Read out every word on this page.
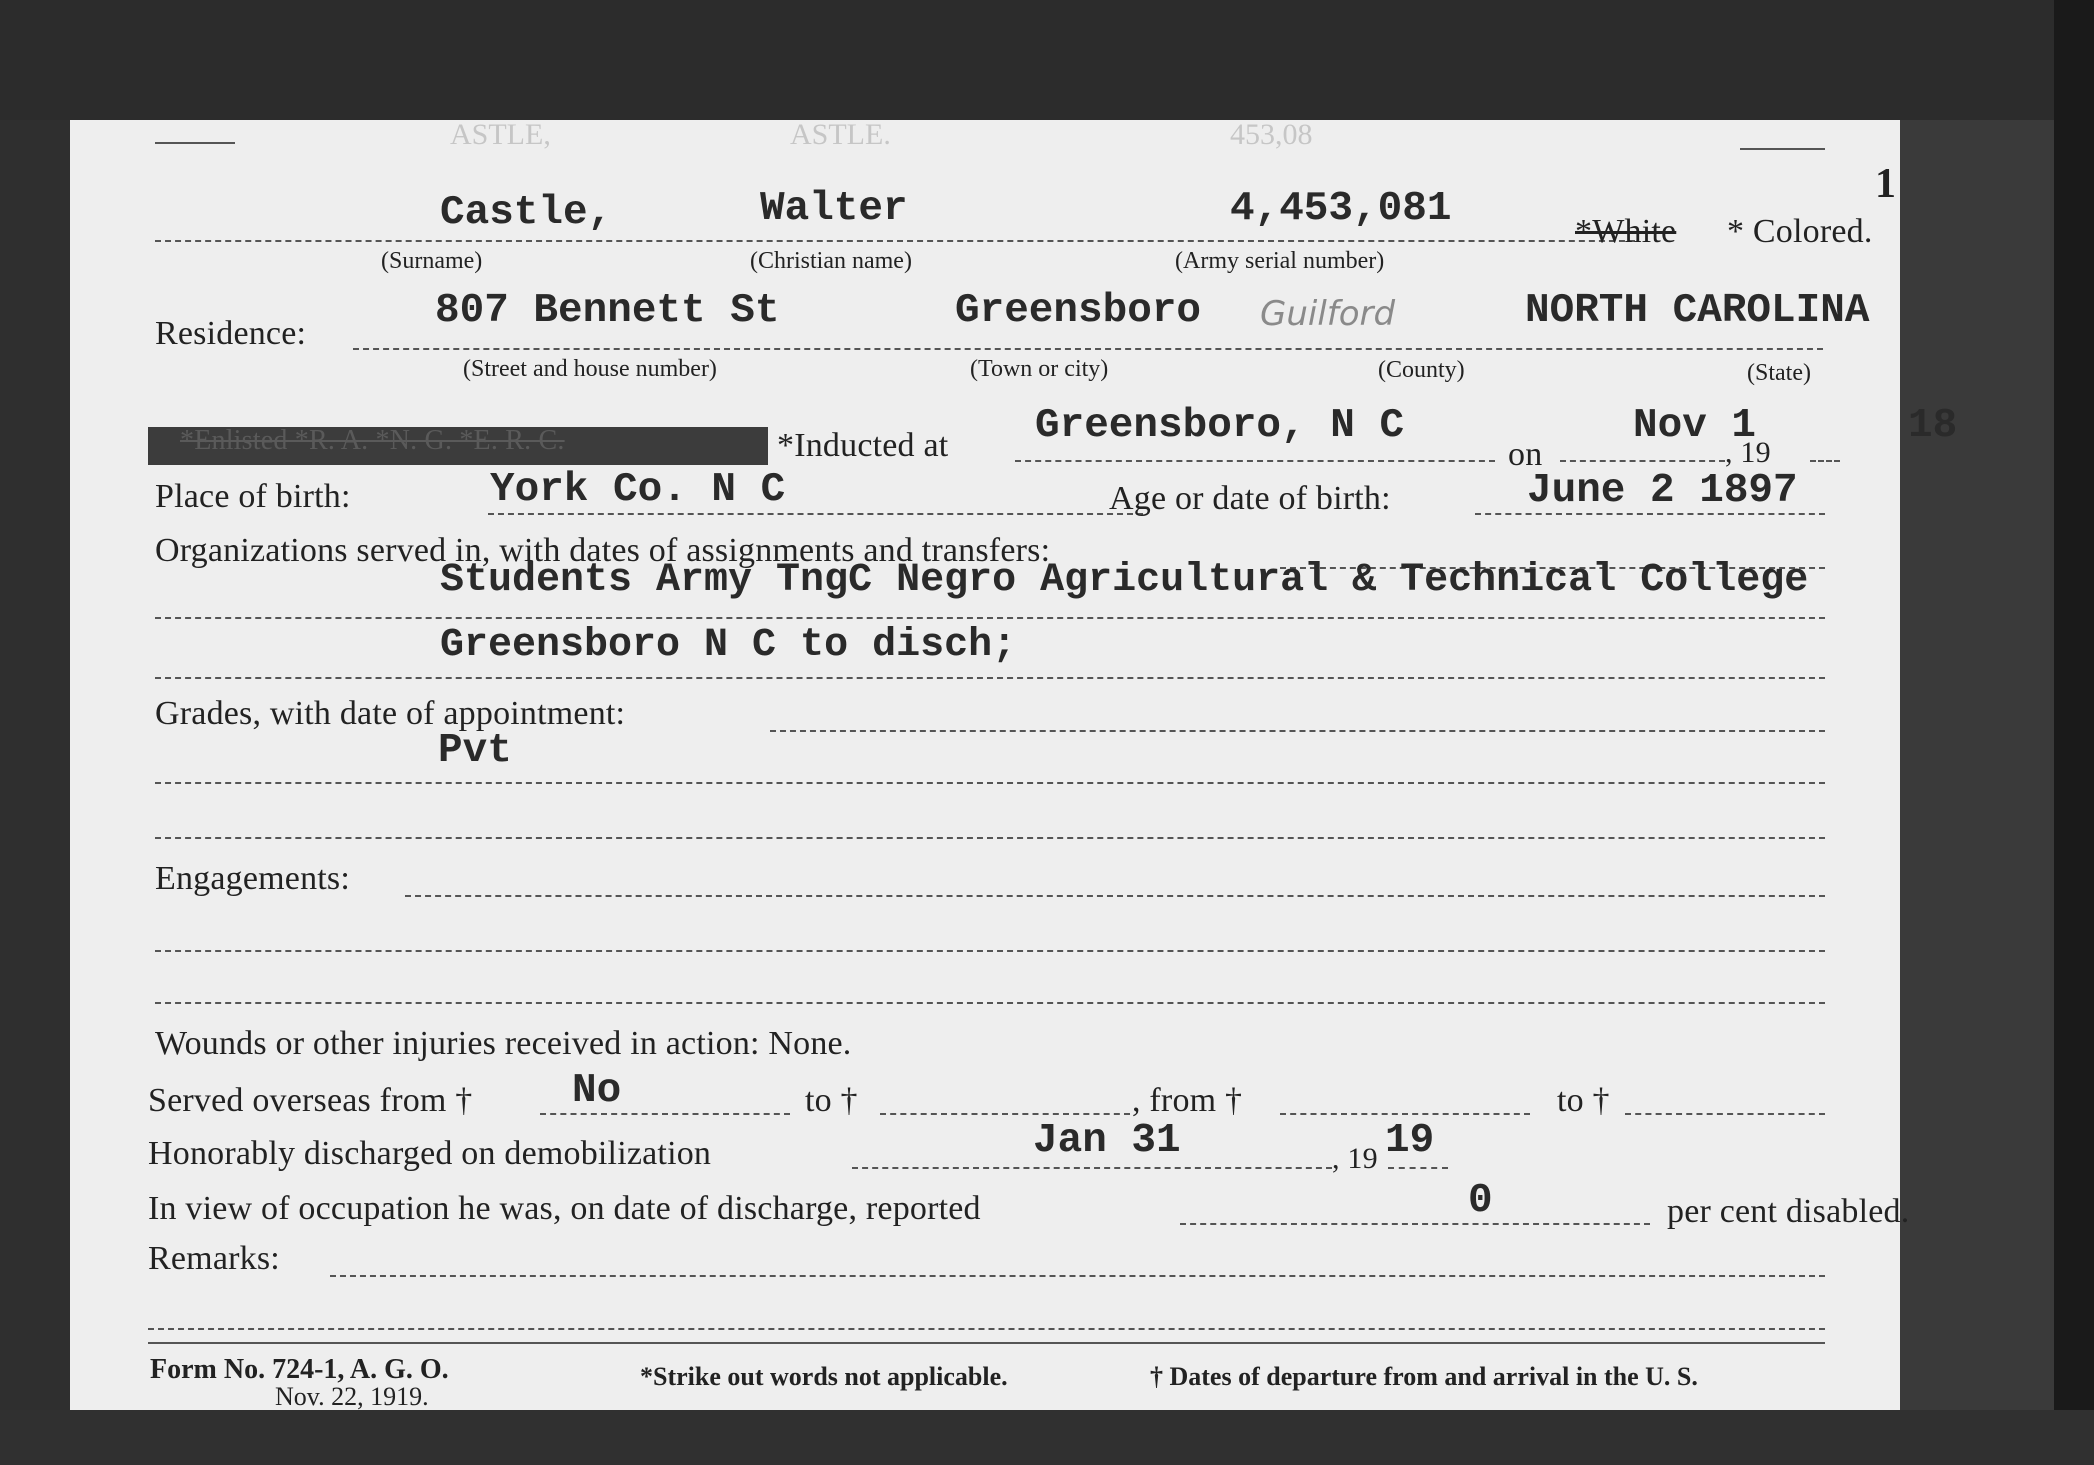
ASTLE,	ASTLE.	453,08
1
Castle,	Walter	4,453,081	*White * Colored.
(Surname)	(Christian name)	(Army serial number)
Residence:	807 Bennett St	Greensboro Guilford	NORTH CAROLINA
(Street and house number)	(Town or city)	(County)	(State)
*Enlisted *R. A. *N. G. *E. R. C.	*Inducted at Greensboro, N C
on
Nov 1
, 19
18
Place of birth:	York Co. N C	Age or date of birth:	June 2 1897
Organizations served in, with dates of assignments and transfers:
Students Army TngC Negro Agricultural & Technical College
Greensboro N C to disch;
Grades, with date of appointment:
Pvt
Engagements:
Wounds or other injuries received in action: None.
Served overseas from † No	to †	, from †	to †
Honorably discharged on demobilization	Jan 31	, 19 19
In view of occupation he was, on date of discharge, reported	0	per cent disabled.
Remarks:
Form No. 724-1, A. G. O.
Nov. 22, 1919.
*Strike out words not applicable.	† Dates of departure from and arrival in the U. S.
